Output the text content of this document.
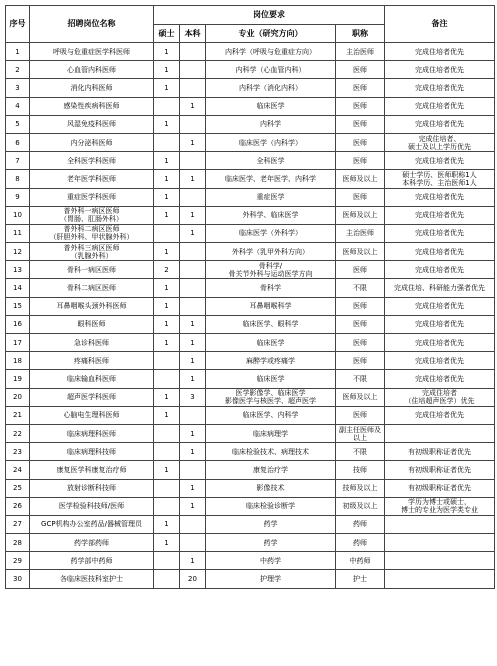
序号	招聘岗位名称	岗位要求				备注
		硕士	本科	专业（研究方向）	职称	
1	呼吸与危重症医学科医师	1		内科学（呼吸与危重症方向）	主治医师	完成住培者优先
2	心血管内科医师	1		内科学（心血管内科）	医师	完成住培者优先
3	消化内科医师	1		内科学（消化内科）	医师	完成住培者优先
4	感染性疾病科医师		1	临床医学	医师	完成住培者优先
5	风湿免疫科医师	1		内科学	医师	完成住培者优先
6	内分泌科医师		1	临床医学（内科学）	医师	完成住培者、
硕士及以上学历优先
7	全科医学科医师	1		全科医学	医师	完成住培者优先
8	老年医学科医师	1	1	临床医学、老年医学、内科学	医师及以上	硕士学历、医师职称1人
本科学历、主治医师1人
9	重症医学科医师	1		重症医学	医师	完成住培者优先
10	普外科一病区医师
（胃肠、肛肠外科）	1	1	外科学、临床医学	医师及以上	完成住培者优先
11	普外科二病区医师
（肝胆外科、甲状腺外科）		1	临床医学（外科学）	主治医师	完成住培者优先
12	普外科三病区医师
（乳腺外科）	1		外科学（乳甲外科方向）	医师及以上	完成住培者优先
13	骨科一病区医师	2		骨科学/
骨关节外科与运动医学方向	医师	完成住培者优先
14	骨科二病区医师	1		骨科学	不限	完成住培、科研能力强者优先
15	耳鼻咽喉头颈外科医师	1		耳鼻咽喉科学	医师	完成住培者优先
16	眼科医师	1	1	临床医学、眼科学	医师	完成住培者优先
17	急诊科医师	1	1	临床医学	医师	完成住培者优先
18	疼痛科医师		1	麻醉学或疼痛学	医师	完成住培者优先
19	临床输血科医师		1	临床医学	不限	完成住培者优先
20	超声医学科医师	1	3	医学影像学、临床医学
影像医学与核医学、超声医学	医师及以上	完成住培者
（住培超声医学）优先
21	心脑电生理科医师	1		临床医学、内科学	医师	完成住培者优先
22	临床病理科医师		1	临床病理学	副主任医师及
以上	
23	临床病理科技师		1	临床检验技术、病理技术	不限	有初级职称证者优先
24	康复医学科康复治疗师	1		康复治疗学	技师	有初级职称证者优先
25	放射诊断科技师		1	影像技术	技师及以上	有初级职称证者优先
26	医学检验科技师/医师		1	临床检验诊断学	初级及以上	学历为博士或硕士，
博士的专业为医学类专业
27	GCP机构办公室药品/器械管理员	1		药学	药师	
28	药学部药师	1		药学	药师	
29	药学部中药师		1	中药学	中药师	
30	各临床医技科室护士		20	护理学	护士	
